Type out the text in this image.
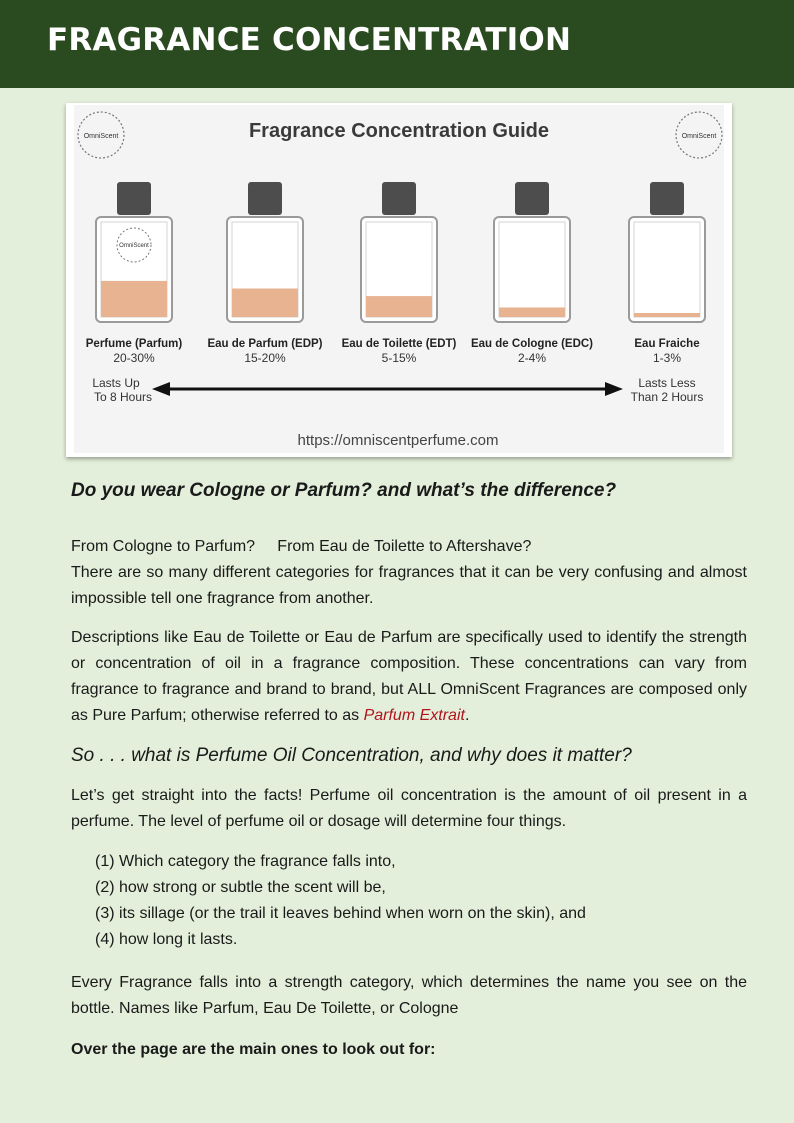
FRAGRANCE CONCENTRATION
Fragrance Concentration Guide
OmniScent	OmniScent
OmniScent
Perfume (Parfum)
20-30%
Eau de Parfum (EDP)
15-20%
Eau de Toilette (EDT)
5-15%
Eau de Cologne (EDC)
2-4%
Eau Fraiche
1-3%
Lasts Up
To 8 Hours
Lasts Less
Than 2 Hours
https://omniscentperfume.com
Do you wear Cologne or Parfum? and what’s the difference?

From Cologne to Parfum?     From Eau de Toilette to Aftershave?

There are so many different categories for fragrances that it can be very confusing and almost impossible tell one fragrance from another.

Descriptions like Eau de Toilette or Eau de Parfum are specifically used to identify the strength or concentration of oil in a fragrance composition. These concentrations can vary from fragrance to fragrance and brand to brand, but ALL OmniScent Fragrances are composed only as Pure Parfum; otherwise referred to as Parfum Extrait.

So . . . what is Perfume Oil Concentration, and why does it matter?

Let’s get straight into the facts! Perfume oil concentration is the amount of oil present in a perfume. The level of perfume oil or dosage will determine four things.

(1) Which category the fragrance falls into,
(2) how strong or subtle the scent will be,
(3) its sillage (or the trail it leaves behind when worn on the skin), and
(4) how long it lasts.

Every Fragrance falls into a strength category, which determines the name you see on the bottle. Names like Parfum, Eau De Toilette, or Cologne

Over the page are the main ones to look out for:
